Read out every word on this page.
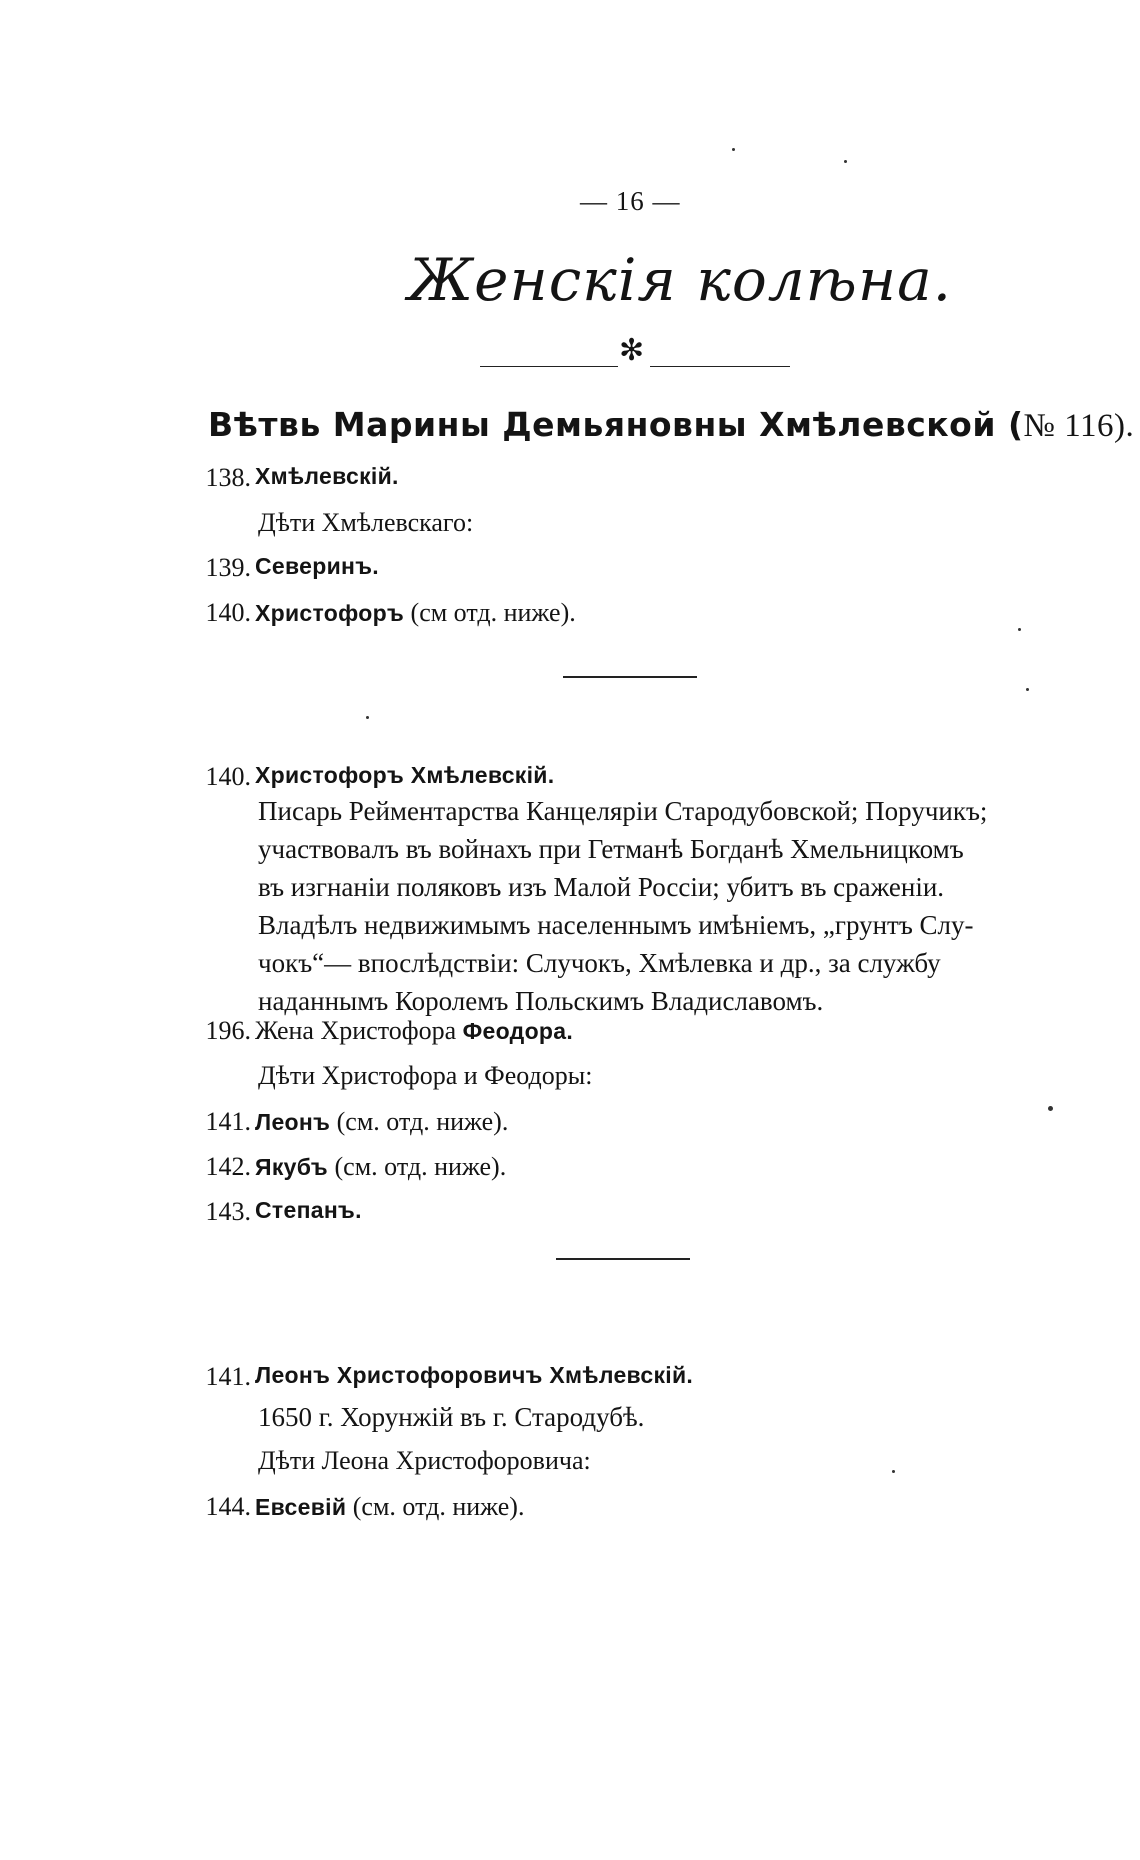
— 16 —
Женскія колѣна.
✻
Вѣтвь Марины Демьяновны Хмѣлевской (№ 116).
138. Хмѣлевскій.
Дѣти Хмѣлевскаго:
139. Северинъ.
140. Христофоръ (см отд. ниже).
140. Христофоръ Хмѣлевскій.
Писарь Рейментарства Канцеляріи Стародубовской; Поручикъ;
участвовалъ въ войнахъ при Гетманѣ Богданѣ Хмельницкомъ
въ изгнаніи поляковъ изъ Малой Россіи; убитъ въ сраженіи.
Владѣлъ недвижимымъ населеннымъ имѣніемъ, „грунтъ Слу-
чокъ“— впослѣдствіи: Случокъ, Хмѣлевка и др., за службу
наданнымъ Королемъ Польскимъ Владиславомъ.
196. Жена Христофора Феодора.
Дѣти Христофора и Феодоры:
141. Леонъ (см. отд. ниже).
142. Якубъ (см. отд. ниже).
143. Степанъ.
141. Леонъ Христофоровичъ Хмѣлевскій.
1650 г. Хорунжій въ г. Стародубѣ.
Дѣти Леона Христофоровича:
144. Евсевій (см. отд. ниже).
